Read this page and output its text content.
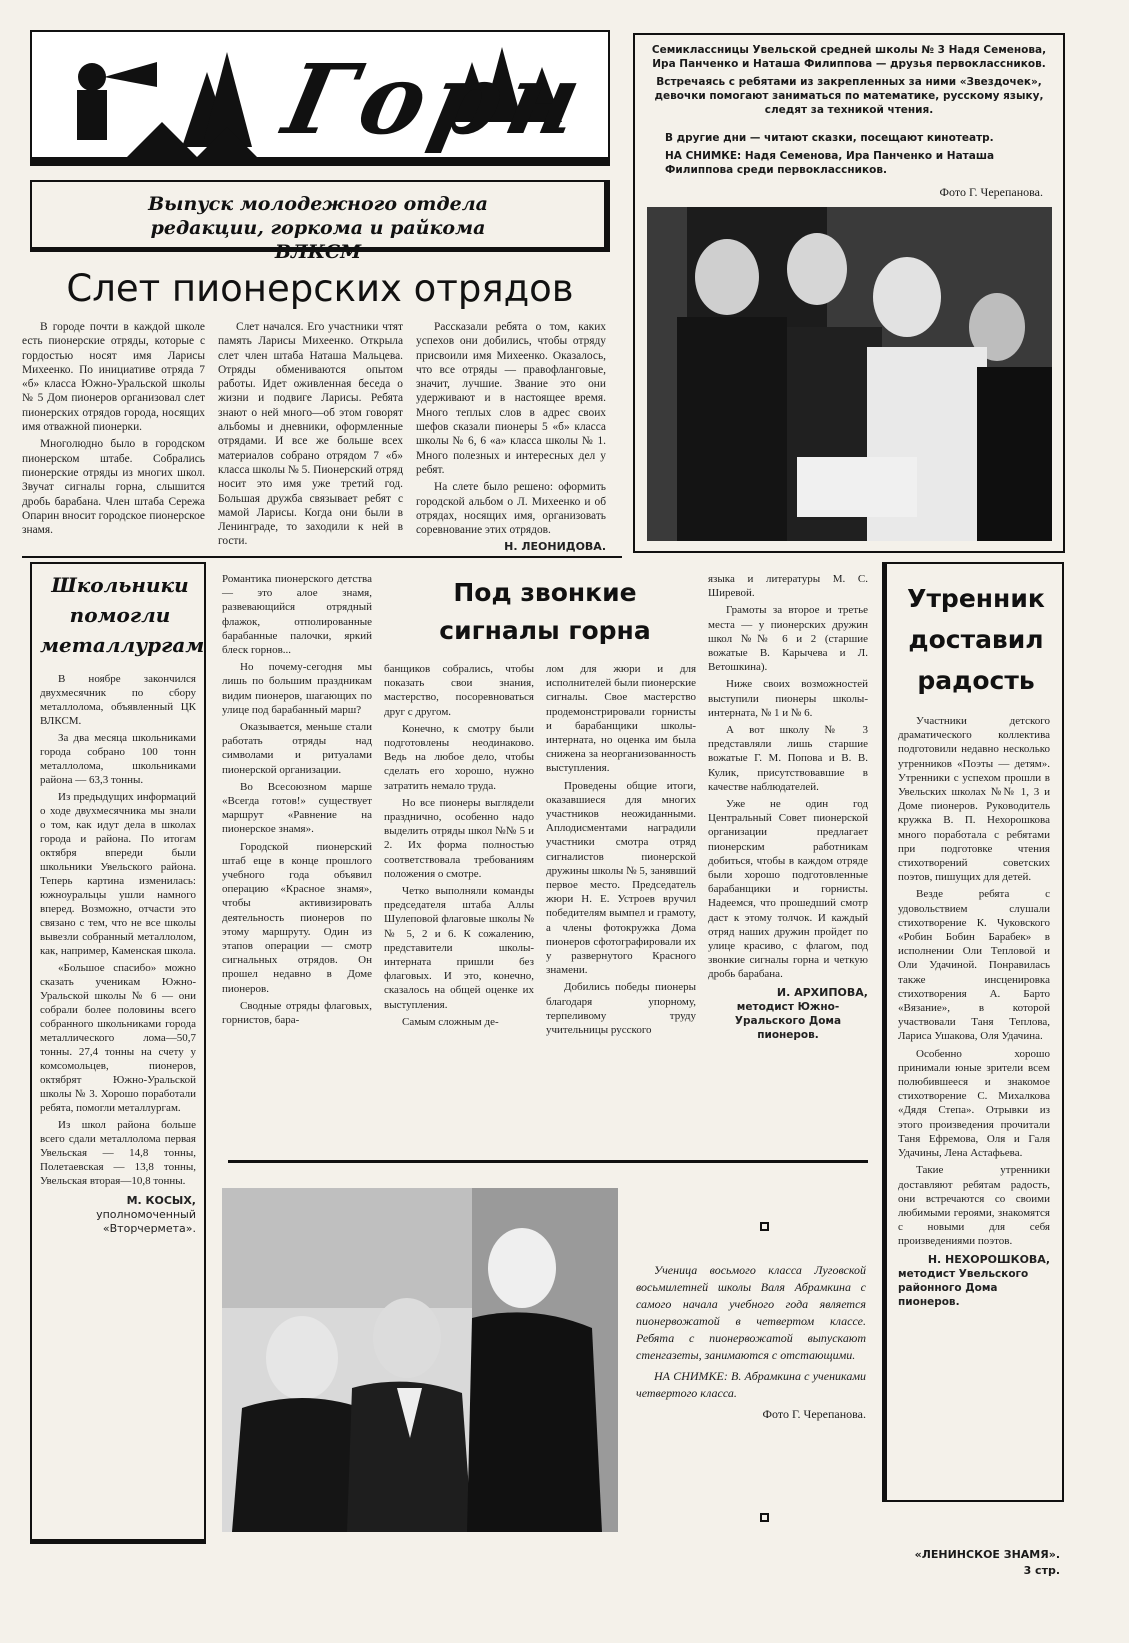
Горн
Выпуск молодежного отдела редакции, горкома и райкома ВЛКСМ
Семиклассницы Увельской средней школы № 3 Надя Семенова, Ира Панченко и Наташа Филиппова — друзья первоклассников.
Встречаясь с ребятами из закрепленных за ними «Звездочек», девочки помогают заниматься по математике, русскому языку, следят за техникой чтения.
В другие дни — читают сказки, посещают кинотеатр.
НА СНИМКЕ: Надя Семенова, Ира Панченко и Наташа Филиппова среди первоклассников.
Фото Г. Черепанова.
Слет пионерских отрядов

В городе почти в каждой школе есть пионерские отряды, которые с гордостью носят имя Ларисы Михеенко. По инициативе отряда 7 «б» класса Южно-Уральской школы № 5 Дом пионеров организовал слет пионерских отрядов города, носящих имя отважной пионерки.

Многолюдно было в городском пионерском штабе. Собрались пионерские отряды из многих школ. Звучат сигналы горна, слышится дробь барабана. Член штаба Сережа Опарин вносит городское пионерское знамя.

Слет начался. Его участники чтят память Ларисы Михеенко. Открыла слет член штаба Наташа Мальцева. Отряды обмениваются опытом работы. Идет оживленная беседа о жизни и подвиге Ларисы. Ребята знают о ней много—об этом говорят альбомы и дневники, оформленные отрядами. И все же больше всех материалов собрано отрядом 7 «б» класса школы № 5. Пионерский отряд носит это имя уже третий год. Большая дружба связывает ребят с мамой Ларисы. Когда они были в Ленинграде, то заходили к ней в гости.

Рассказали ребята о том, каких успехов они добились, чтобы отряду присвоили имя Михеенко. Оказалось, что все отряды — правофланговые, значит, лучшие. Звание это они удерживают и в настоящее время. Много теплых слов в адрес своих шефов сказали пионеры 5 «б» класса школы № 6, 6 «а» класса школы № 1. Много полезных и интересных дел у ребят.

На слете было решено: оформить городской альбом о Л. Михеенко и об отрядах, носящих имя, организовать соревнование этих отрядов.

Н. ЛЕОНИДОВА.
Школьники помогли металлургам

В ноябре закончился двухмесячник по сбору металлолома, объявленный ЦК ВЛКСМ.

За два месяца школьниками города собрано 100 тонн металлолома, школьниками района — 63,3 тонны.

Из предыдущих информаций о ходе двухмесячника мы знали о том, как идут дела в школах города и района. По итогам октября впереди были школьники Увельского района. Теперь картина изменилась: южноуральцы ушли намного вперед. Возможно, отчасти это связано с тем, что не все школы вывезли собранный металлолом, как, например, Каменская школа.

«Большое спасибо» можно сказать ученикам Южно-Уральской школы № 6 — они собрали более половины всего собранного школьниками города металлического лома—50,7 тонны. 27,4 тонны на счету у комсомольцев, пионеров, октябрят Южно-Уральской школы № 3. Хорошо поработали ребята, помогли металлургам.

Из школ района больше всего сдали металлолома первая Увельская — 14,8 тонны, Полетаевская — 13,8 тонны, Увельская вторая—10,8 тонны.

М. КОСЫХ,
уполномоченный «Вторчермета».
Под звонкие сигналы горна

Романтика пионерского детства — это алое знамя, развевающийся отрядный флажок, отполированные барабанные палочки, яркий блеск горнов...

Но почему-сегодня мы лишь по большим праздникам видим пионеров, шагающих по улице под барабанный марш?

Оказывается, меньше стали работать отряды над символами и ритуалами пионерской организации.

Во Всесоюзном марше «Всегда готов!» существует маршрут «Равнение на пионерское знамя».

Городской пионерский штаб еще в конце прошлого учебного года объявил операцию «Красное знамя», чтобы активизировать деятельность пионеров по этому маршруту. Один из этапов операции — смотр сигнальных отрядов. Он прошел недавно в Доме пионеров.

Сводные отряды флаговых, горнистов, бара-

банщиков собрались, чтобы показать свои знания, мастерство, посоревноваться друг с другом.

Конечно, к смотру были подготовлены неодинаково. Ведь на любое дело, чтобы сделать его хорошо, нужно затратить немало труда.

Но все пионеры выглядели празднично, особенно надо выделить отряды школ №№ 5 и 2. Их форма полностью соответствовала требованиям положения о смотре.

Четко выполняли команды председателя штаба Аллы Шулеповой флаговые школы №№ 5, 2 и 6. К сожалению, представители школы-интерната пришли без флаговых. И это, конечно, сказалось на общей оценке их выступления.

Самым сложным де-

лом для жюри и для исполнителей были пионерские сигналы. Свое мастерство продемонстрировали горнисты и барабанщики школы-интерната, но оценка им была снижена за неорганизованность выступления.

Проведены общие итоги, оказавшиеся для многих участников неожиданными. Аплодисментами наградили участники смотра отряд сигналистов пионерской дружины школы № 5, занявший первое место. Председатель жюри Н. Е. Устроев вручил победителям вымпел и грамоту, а члены фотокружка Дома пионеров сфотографировали их у развернутого Красного знамени.

Добились победы пионеры благодаря упорному, терпеливому труду учительницы русского

языка и литературы М. С. Ширевой.

Грамоты за второе и третье места — у пионерских дружин школ №№ 6 и 2 (старшие вожатые В. Карычева и Л. Ветошкина).

Ниже своих возможностей выступили пионеры школы-интерната, № 1 и № 6.

А вот школу № 3 представляли лишь старшие вожатые Г. М. Попова и В. В. Кулик, присутствовавшие в качестве наблюдателей.

Уже не один год Центральный Совет пионерской организации предлагает пионерским работникам добиться, чтобы в каждом отряде были хорошо подготовленные барабанщики и горнисты. Надеемся, что прошедший смотр даст к этому толчок. И каждый отряд наших дружин пройдет по улице красиво, с флагом, под звонкие сигналы горна и четкую дробь барабана.

И. АРХИПОВА,
методист Южно-Уральского Дома пионеров.
Утренник доставил радость

Участники детского драматического коллектива подготовили недавно несколько утренников «Поэты — детям». Утренники с успехом прошли в Увельских школах №№ 1, 3 и Доме пионеров. Руководитель кружка В. П. Нехорошкова много поработала с ребятами при подготовке чтения стихотворений советских поэтов, пишущих для детей.

Везде ребята с удовольствием слушали стихотворение К. Чуковского «Робин Бобин Барабек» в исполнении Оли Тепловой и Оли Удачиной. Понравилась также инсценировка стихотворения А. Барто «Вязание», в которой участвовали Таня Теплова, Лариса Ушакова, Оля Удачина.

Особенно хорошо принимали юные зрители всем полюбившееся и знакомое стихотворение С. Михалкова «Дядя Степа». Отрывки из этого произведения прочитали Таня Ефремова, Оля и Галя Удачины, Лена Астафьева.

Такие утренники доставляют ребятам радость, они встречаются со своими любимыми героями, знакомятся с новыми для себя произведениями поэтов.

Н. НЕХОРОШКОВА,
методист Увельского районного Дома пионеров.

Ученица восьмого класса Луговской восьмилетней школы Валя Абрамкина с самого начала учебного года является пионервожатой в четвертом классе. Ребята с пионервожатой выпускают стенгазеты, занимаются с отстающими.

НА СНИМКЕ: В. Абрамкина с учениками четвертого класса.

Фото Г. Черепанова.

«ЛЕНИНСКОЕ ЗНАМЯ».
3 стр.
